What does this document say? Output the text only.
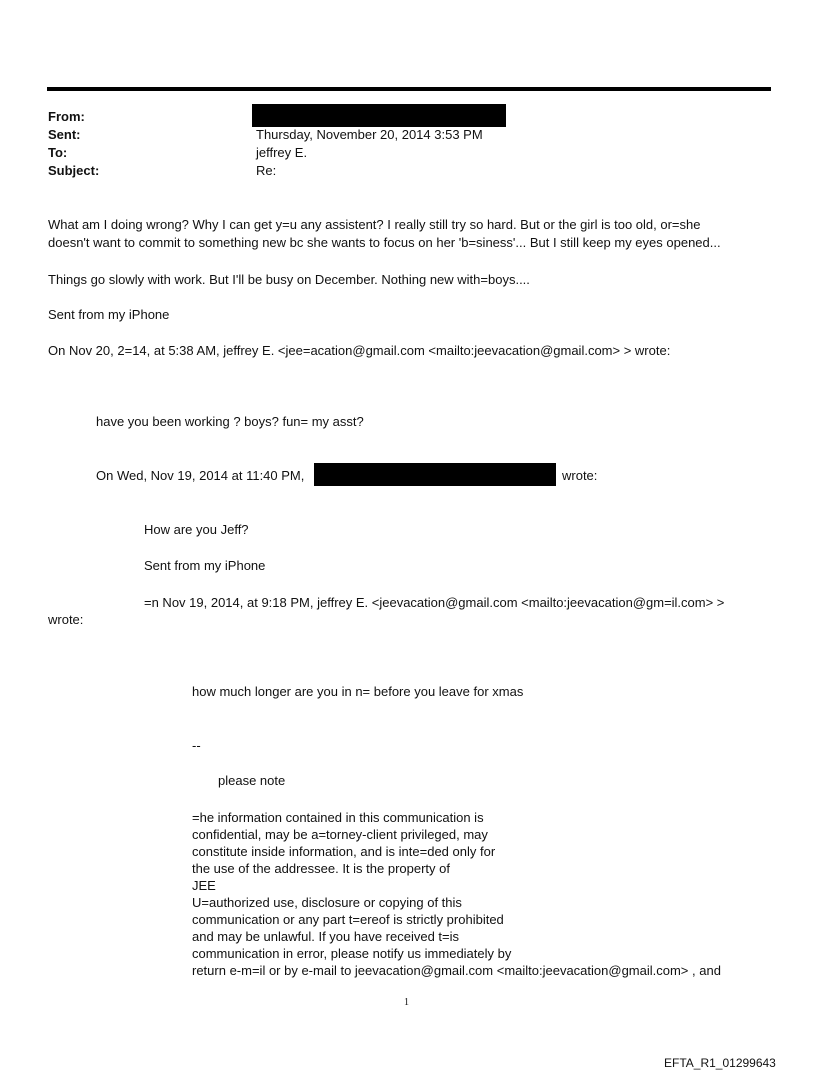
From:
Sent:	Thursday, November 20, 2014 3:53 PM
To:	jeffrey E.
Subject:	Re:
What am I doing wrong? Why I can get y=u any assistent? I really still try so hard. But or the girl is too old, or=she
doesn't want to commit to something new bc she wants to focus on her 'b=siness'... But I still keep my eyes opened...
Things go slowly with work. But I'll be busy on December. Nothing new with=boys....
Sent from my iPhone
On Nov 20, 2=14, at 5:38 AM, jeffrey E. <jee=acation@gmail.com <mailto:jeevacation@gmail.com> > wrote:
have you been working ? boys? fun= my asst?
On Wed, Nov 19, 2014 at 11:40 PM,	wrote:
How are you Jeff?
Sent from my iPhone
=n Nov 19, 2014, at 9:18 PM, jeffrey E. <jeevacation@gmail.com <mailto:jeevacation@gm=il.com> >
wrote:
how much longer are you in n= before you leave for xmas
--
please note
=he information contained in this communication is
confidential, may be a=torney-client privileged, may
constitute inside information, and is inte=ded only for
the use of the addressee. It is the property of
JEE
U=authorized use, disclosure or copying of this
communication or any part t=ereof is strictly prohibited
and may be unlawful. If you have received t=is
communication in error, please notify us immediately by
return e-m=il or by e-mail to jeevacation@gmail.com <mailto:jeevacation@gmail.com> , and
1
EFTA_R1_01299643
